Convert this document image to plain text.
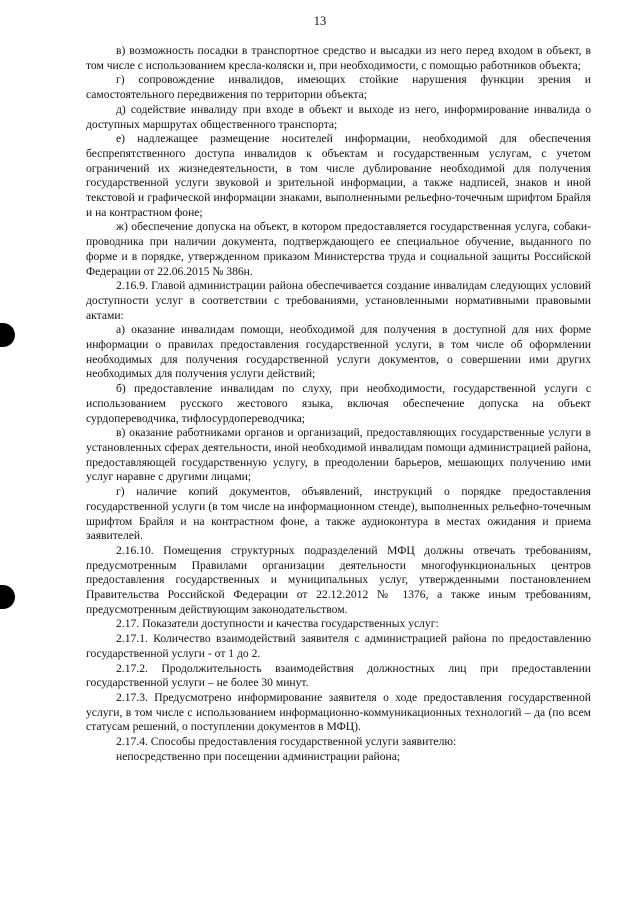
13

в) возможность посадки в транспортное средство и высадки из него перед входом в объект, в том числе с использованием кресла-коляски и, при необходимости, с помощью работников объекта;

г) сопровождение инвалидов, имеющих стойкие нарушения функции зрения и самостоятельного передвижения по территории объекта;

д) содействие инвалиду при входе в объект и выходе из него, информирование инвалида о доступных маршрутах общественного транспорта;

е) надлежащее размещение носителей информации, необходимой для обеспечения беспрепятственного доступа инвалидов к объектам и государственным услугам, с учетом ограничений их жизнедеятельности, в том числе дублирование необходимой для получения государственной услуги звуковой и зрительной информации, а также надписей, знаков и иной текстовой и графической информации знаками, выполненными рельефно-точечным шрифтом Брайля и на контрастном фоне;

ж) обеспечение допуска на объект, в котором предоставляется государственная услуга, собаки-проводника при наличии документа, подтверждающего ее специальное обучение, выданного по форме и в порядке, утвержденном приказом Министерства труда и социальной защиты Российской Федерации от 22.06.2015 № 386н.

2.16.9. Главой администрации района обеспечивается создание инвалидам следующих условий доступности услуг в соответствии с требованиями, установленными нормативными правовыми актами:

а) оказание инвалидам помощи, необходимой для получения в доступной для них форме информации о правилах предоставления государственной услуги, в том числе об оформлении необходимых для получения государственной услуги документов, о совершении ими других необходимых для получения услуги действий;

б) предоставление инвалидам по слуху, при необходимости, государственной услуги с использованием русского жестового языка, включая обеспечение допуска на объект сурдопереводчика, тифлосурдопереводчика;

в) оказание работниками органов и организаций, предоставляющих государственные услуги в установленных сферах деятельности, иной необходимой инвалидам помощи администрацией района, предоставляющей государственную услугу, в преодолении барьеров, мешающих получению ими услуг наравне с другими лицами;

г) наличие копий документов, объявлений, инструкций о порядке предоставления государственной услуги (в том числе на информационном стенде), выполненных рельефно-точечным шрифтом Брайля и на контрастном фоне, а также аудиоконтура в местах ожидания и приема заявителей.

2.16.10. Помещения структурных подразделений МФЦ должны отвечать требованиям, предусмотренным Правилами организации деятельности многофункциональных центров предоставления государственных и муниципальных услуг, утвержденными постановлением Правительства Российской Федерации от 22.12.2012 № 1376, а также иным требованиям, предусмотренным действующим законодательством.

2.17. Показатели доступности и качества государственных услуг:

2.17.1. Количество взаимодействий заявителя с администрацией района по предоставлению государственной услуги - от 1 до 2.

2.17.2. Продолжительность взаимодействия должностных лиц при предоставлении государственной услуги – не более 30 минут.

2.17.3. Предусмотрено информирование заявителя о ходе предоставления государственной услуги, в том числе с использованием информационно-коммуникационных технологий – да (по всем статусам решений, о поступлении документов в МФЦ).

2.17.4. Способы предоставления государственной услуги заявителю:

непосредственно при посещении администрации района;
